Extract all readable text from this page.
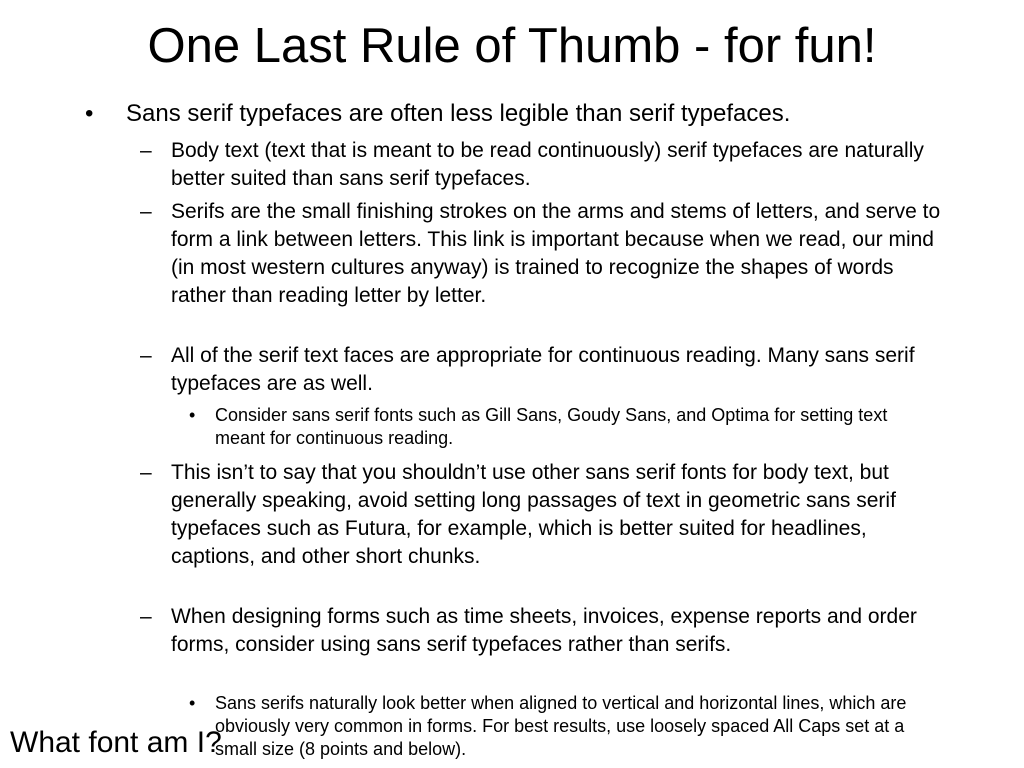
One Last Rule of Thumb - for fun!
• Sans serif typefaces are often less legible than serif typefaces.
– Body text (text that is meant to be read continuously) serif typefaces are naturally better suited than sans serif typefaces.
– Serifs are the small finishing strokes on the arms and stems of letters, and serve to form a link between letters. This link is important because when we read, our mind (in most western cultures anyway) is trained to recognize the shapes of words rather than reading letter by letter.
– All of the serif text faces are appropriate for continuous reading. Many sans serif typefaces are as well.
• Consider sans serif fonts such as Gill Sans, Goudy Sans, and Optima for setting text meant for continuous reading.
– This isn’t to say that you shouldn’t use other sans serif fonts for body text, but generally speaking, avoid setting long passages of text in geometric sans serif typefaces such as Futura, for example, which is better suited for headlines, captions, and other short chunks.
– When designing forms such as time sheets, invoices, expense reports and order forms, consider using sans serif typefaces rather than serifs.
• Sans serifs naturally look better when aligned to vertical and horizontal lines, which are obviously very common in forms. For best results, use loosely spaced All Caps set at a small size (8 points and below).
What font am I?
